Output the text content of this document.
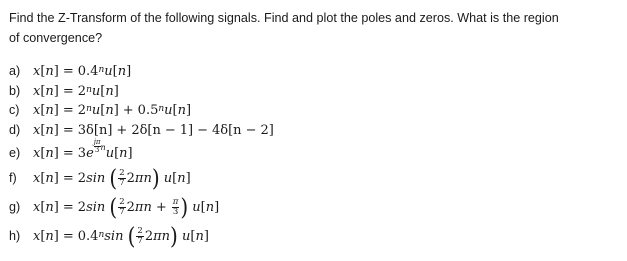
Find the Z-Transform of the following signals. Find and plot the poles and zeros. What is the region
of convergence?
a) x [ n ] = 0.4 $^n$ u [ n ]
b) x [ n ] = 2 $^n$ u [ n ]
c)	x [ n ] = 2 $^n$ u [ n ] + 0.5 $^n$ u [ n ]
d) x [ n ] = 3δ[n] + 2δ[n − 1] − 4δ[n − 2]
e) x [ n ] = 3 e
jπ
3 n u [ n ]
f)	x [ n ] = 2 sin
( $\frac{2}{7} 2$ πn )
u [ n ]
g) x [ n ] = 2 sin
( $\frac{2}{7} 2$ $\pi n + \frac{\pi}{3}$ )
u [ n ]
h) x [ n ] = 0.4 $^n$ sin
( $\frac{2}{7} 2$ πn )
u [ n ]
